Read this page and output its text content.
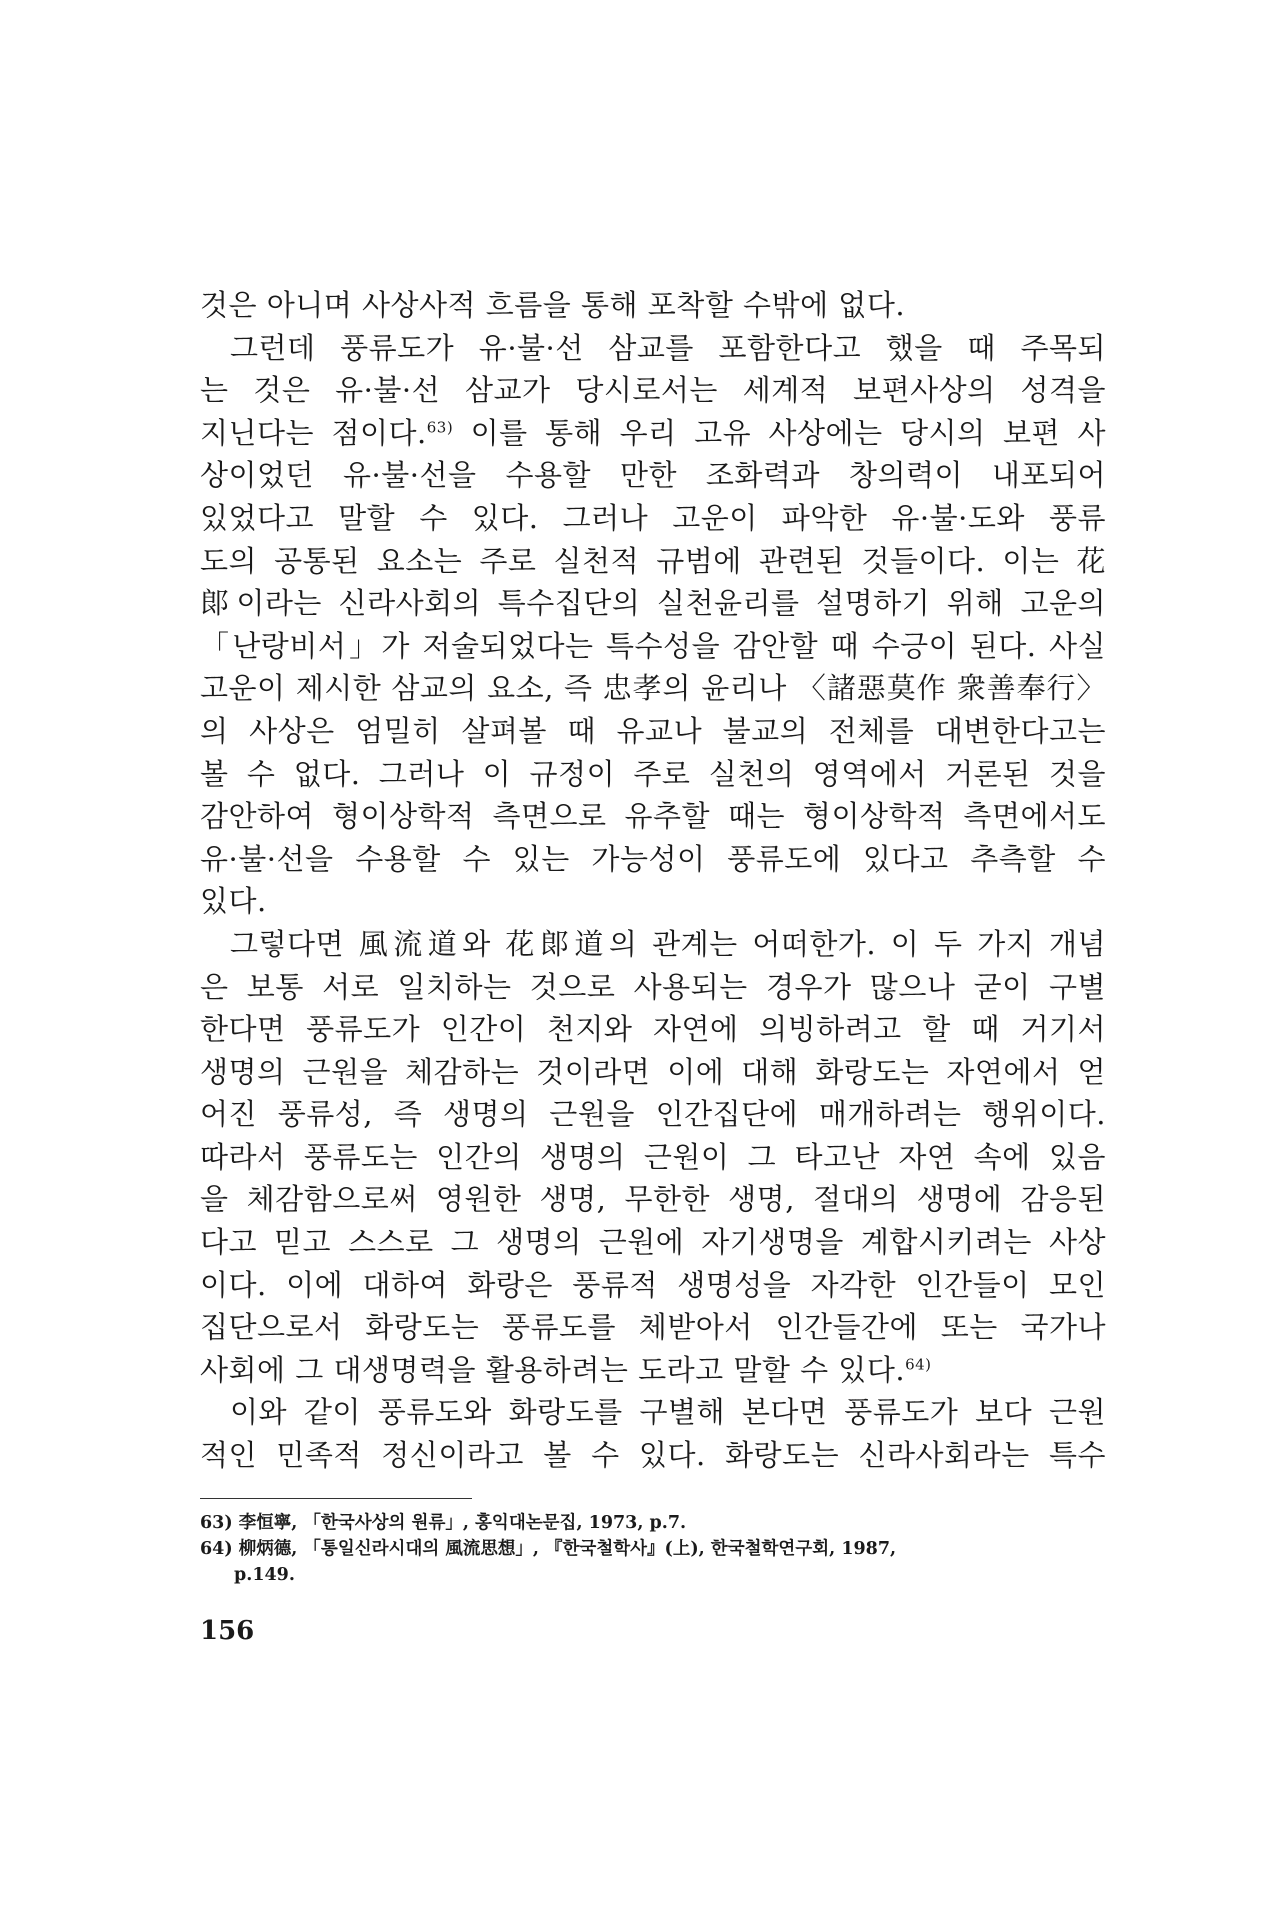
것은 아니며 사상사적 흐름을 통해 포착할 수밖에 없다.
그런데 풍류도가 유·불·선 삼교를 포함한다고 했을 때 주목되
는 것은 유·불·선 삼교가 당시로서는 세계적 보편사상의 성격을
지닌다는 점이다.$^{63)}$ 이를 통해 우리 고유 사상에는 당시의 보편 사
상이었던 유·불·선을 수용할 만한 조화력과 창의력이 내포되어
있었다고 말할 수 있다. 그러나 고운이 파악한 유·불·도와 풍류
도의 공통된 요소는 주로 실천적 규범에 관련된 것들이다. 이는 花
郞이라는 신라사회의 특수집단의 실천윤리를 설명하기 위해 고운의
「난랑비서」가 저술되었다는 특수성을 감안할 때 수긍이 된다. 사실
고운이 제시한 삼교의 요소, 즉 忠孝의 윤리나 〈諸惡莫作 衆善奉行〉
의 사상은 엄밀히 살펴볼 때 유교나 불교의 전체를 대변한다고는
볼 수 없다. 그러나 이 규정이 주로 실천의 영역에서 거론된 것을
감안하여 형이상학적 측면으로 유추할 때는 형이상학적 측면에서도
유·불·선을 수용할 수 있는 가능성이 풍류도에 있다고 추측할 수
있다.
그렇다면 風流道와 花郞道의 관계는 어떠한가. 이 두 가지 개념
은 보통 서로 일치하는 것으로 사용되는 경우가 많으나 굳이 구별
한다면 풍류도가 인간이 천지와 자연에 의빙하려고 할 때 거기서
생명의 근원을 체감하는 것이라면 이에 대해 화랑도는 자연에서 얻
어진 풍류성, 즉 생명의 근원을 인간집단에 매개하려는 행위이다.
따라서 풍류도는 인간의 생명의 근원이 그 타고난 자연 속에 있음
을 체감함으로써 영원한 생명, 무한한 생명, 절대의 생명에 감응된
다고 믿고 스스로 그 생명의 근원에 자기생명을 계합시키려는 사상
이다. 이에 대하여 화랑은 풍류적 생명성을 자각한 인간들이 모인
집단으로서 화랑도는 풍류도를 체받아서 인간들간에 또는 국가나
사회에 그 대생명력을 활용하려는 도라고 말할 수 있다.$^{64)}$
이와 같이 풍류도와 화랑도를 구별해 본다면 풍류도가 보다 근원
적인 민족적 정신이라고 볼 수 있다. 화랑도는 신라사회라는 특수
63) 李恒寧, 「한국사상의 원류」, 홍익대논문집, 1973, p.7.
64) 柳炳德, 「통일신라시대의 風流思想」, 『한국철학사』(上), 한국철학연구회, 1987,
p.149.
156
